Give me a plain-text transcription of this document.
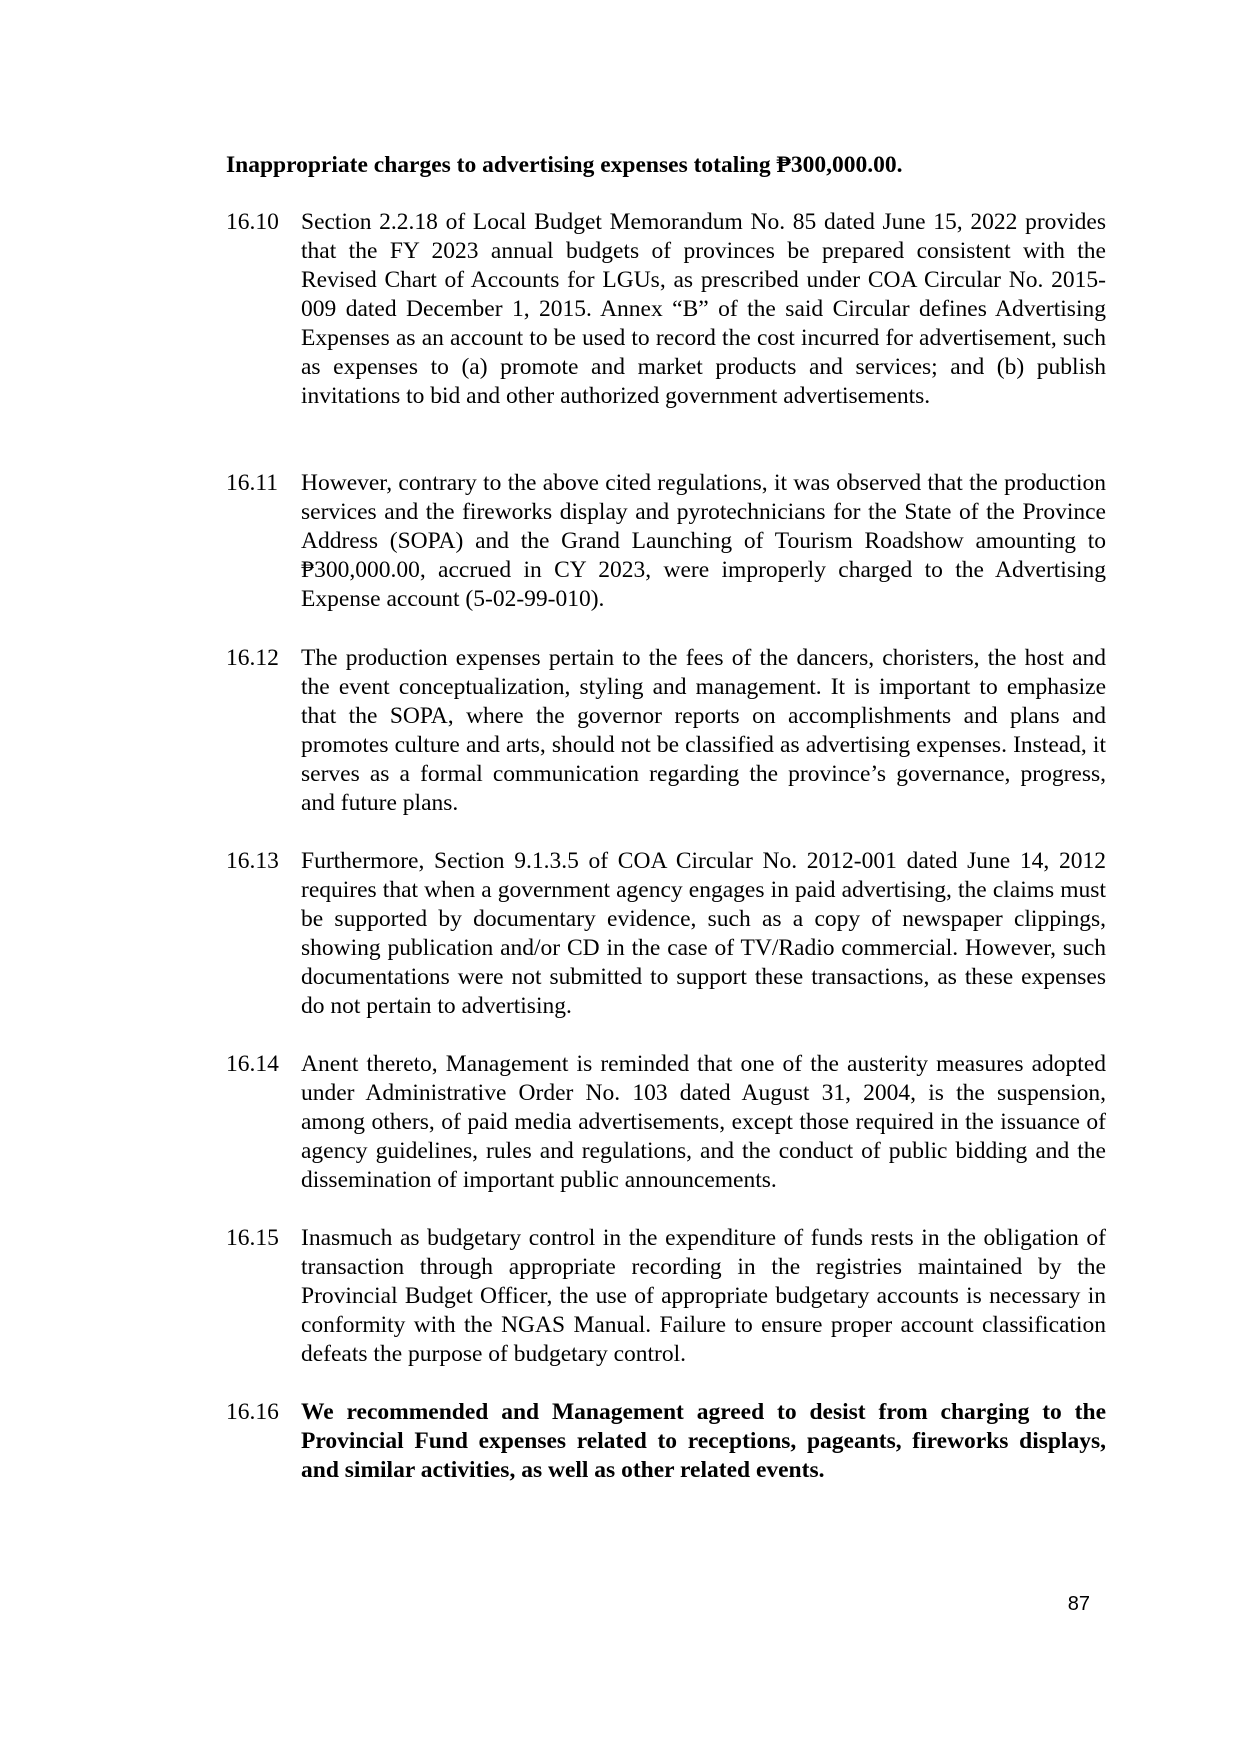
Inappropriate charges to advertising expenses totaling ₱300,000.00.

16.10 Section 2.2.18 of Local Budget Memorandum No. 85 dated June 15, 2022 provides that the FY 2023 annual budgets of provinces be prepared consistent with the Revised Chart of Accounts for LGUs, as prescribed under COA Circular No. 2015-009 dated December 1, 2015. Annex “B” of the said Circular defines Advertising Expenses as an account to be used to record the cost incurred for advertisement, such as expenses to (a) promote and market products and services; and (b) publish invitations to bid and other authorized government advertisements.
16.11 However, contrary to the above cited regulations, it was observed that the production services and the fireworks display and pyrotechnicians for the State of the Province Address (SOPA) and the Grand Launching of Tourism Roadshow amounting to ₱300,000.00, accrued in CY 2023, were improperly charged to the Advertising Expense account (5-02-99-010).
16.12 The production expenses pertain to the fees of the dancers, choristers, the host and the event conceptualization, styling and management. It is important to emphasize that the SOPA, where the governor reports on accomplishments and plans and promotes culture and arts, should not be classified as advertising expenses. Instead, it serves as a formal communication regarding the province’s governance, progress, and future plans.
16.13 Furthermore, Section 9.1.3.5 of COA Circular No. 2012-001 dated June 14, 2012 requires that when a government agency engages in paid advertising, the claims must be supported by documentary evidence, such as a copy of newspaper clippings, showing publication and/or CD in the case of TV/Radio commercial. However, such documentations were not submitted to support these transactions, as these expenses do not pertain to advertising.
16.14 Anent thereto, Management is reminded that one of the austerity measures adopted under Administrative Order No. 103 dated August 31, 2004, is the suspension, among others, of paid media advertisements, except those required in the issuance of agency guidelines, rules and regulations, and the conduct of public bidding and the dissemination of important public announcements.
16.15 Inasmuch as budgetary control in the expenditure of funds rests in the obligation of transaction through appropriate recording in the registries maintained by the Provincial Budget Officer, the use of appropriate budgetary accounts is necessary in conformity with the NGAS Manual. Failure to ensure proper account classification defeats the purpose of budgetary control.
16.16 We recommended and Management agreed to desist from charging to the Provincial Fund expenses related to receptions, pageants, fireworks displays, and similar activities, as well as other related events.
87
